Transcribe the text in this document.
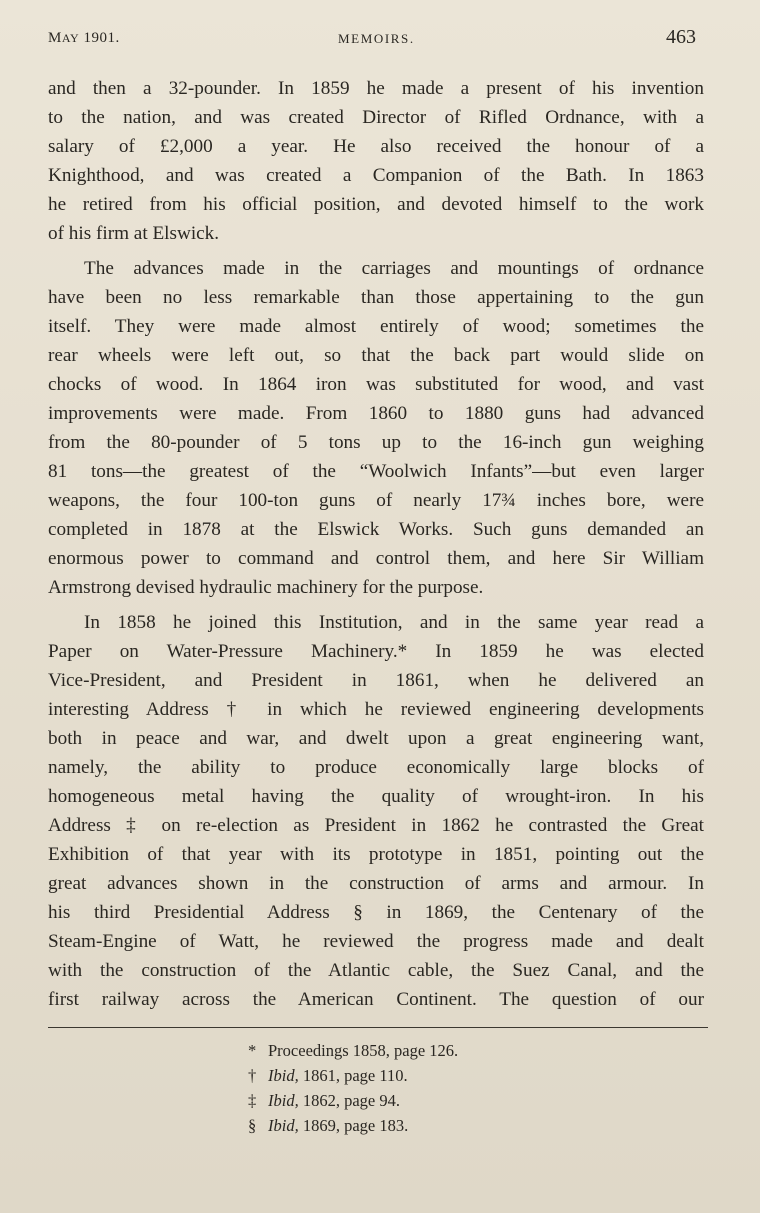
MAY 1901.	MEMOIRS.	463
and then a 32-pounder. In 1859 he made a present of his invention
to the nation, and was created Director of Rifled Ordnance, with a
salary of £2,000 a year. He also received the honour of a
Knighthood, and was created a Companion of the Bath. In 1863
he retired from his official position, and devoted himself to the work
of his firm at Elswick.
The advances made in the carriages and mountings of ordnance
have been no less remarkable than those appertaining to the gun
itself. They were made almost entirely of wood; sometimes the
rear wheels were left out, so that the back part would slide on
chocks of wood. In 1864 iron was substituted for wood, and vast
improvements were made. From 1860 to 1880 guns had advanced
from the 80-pounder of 5 tons up to the 16-inch gun weighing
81 tons—the greatest of the “Woolwich Infants”—but even larger
weapons, the four 100-ton guns of nearly 17¾ inches bore, were
completed in 1878 at the Elswick Works. Such guns demanded an
enormous power to command and control them, and here Sir William
Armstrong devised hydraulic machinery for the purpose.
In 1858 he joined this Institution, and in the same year read a
Paper on Water-Pressure Machinery.* In 1859 he was elected
Vice-President, and President in 1861, when he delivered an
interesting Address † in which he reviewed engineering developments
both in peace and war, and dwelt upon a great engineering want,
namely, the ability to produce economically large blocks of
homogeneous metal having the quality of wrought-iron. In his
Address ‡ on re-election as President in 1862 he contrasted the Great
Exhibition of that year with its prototype in 1851, pointing out the
great advances shown in the construction of arms and armour. In
his third Presidential Address § in 1869, the Centenary of the
Steam-Engine of Watt, he reviewed the progress made and dealt
with the construction of the Atlantic cable, the Suez Canal, and the
first railway across the American Continent. The question of our
* Proceedings 1858, page 126.
† Ibid, 1861, page 110.
‡ Ibid, 1862, page 94.
§ Ibid, 1869, page 183.
